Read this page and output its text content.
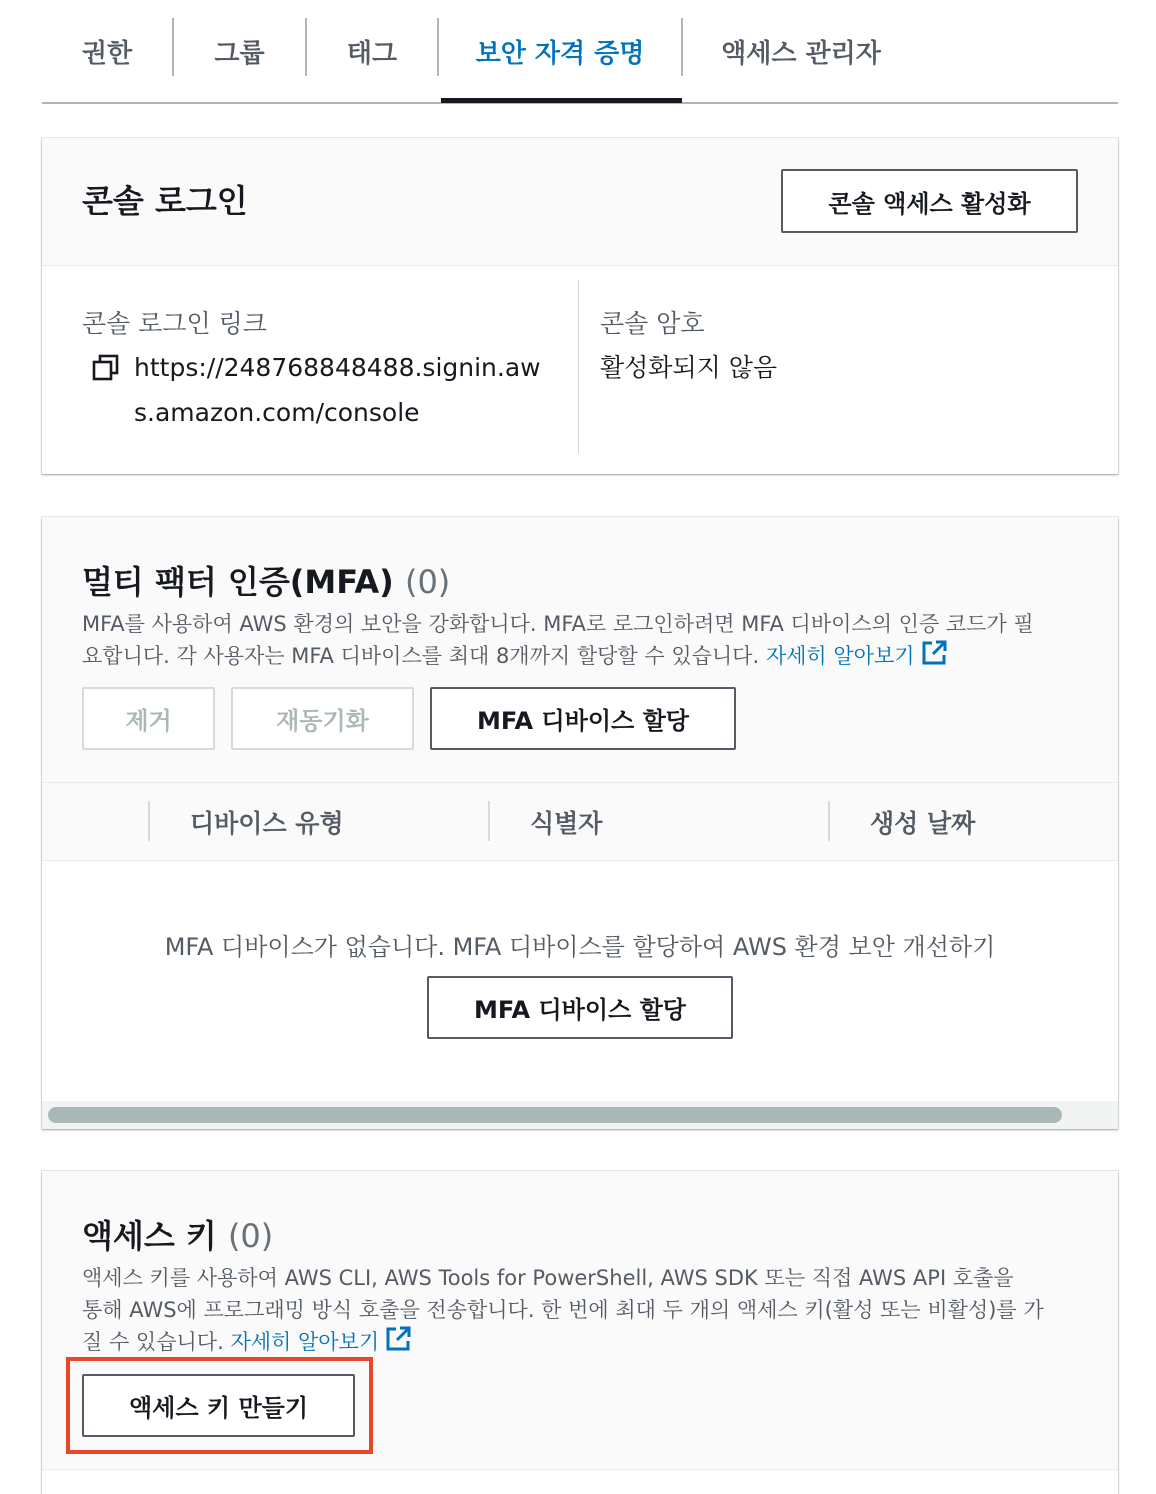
권한	그룹	태그	보안 자격 증명	액세스 관리자
콘솔 로그인	콘솔 액세스 활성화
콘솔 로그인 링크
https://248768848488.signin.aw
s.amazon.com/console
콘솔 암호
활성화되지 않음
멀티 팩터 인증(MFA) (0)
MFA를 사용하여 AWS 환경의 보안을 강화합니다. MFA로 로그인하려면 MFA 디바이스의 인증 코드가 필
요합니다. 각 사용자는 MFA 디바이스를 최대 8개까지 할당할 수 있습니다. 자세히 알아보기
제거	재동기화	MFA 디바이스 할당
디바이스 유형	식별자	생성 날짜
MFA 디바이스가 없습니다. MFA 디바이스를 할당하여 AWS 환경 보안 개선하기
MFA 디바이스 할당
액세스 키 (0)
액세스 키를 사용하여 AWS CLI, AWS Tools for PowerShell, AWS SDK 또는 직접 AWS API 호출을
통해 AWS에 프로그래밍 방식 호출을 전송합니다. 한 번에 최대 두 개의 액세스 키(활성 또는 비활성)를 가
질 수 있습니다. 자세히 알아보기
액세스 키 만들기
